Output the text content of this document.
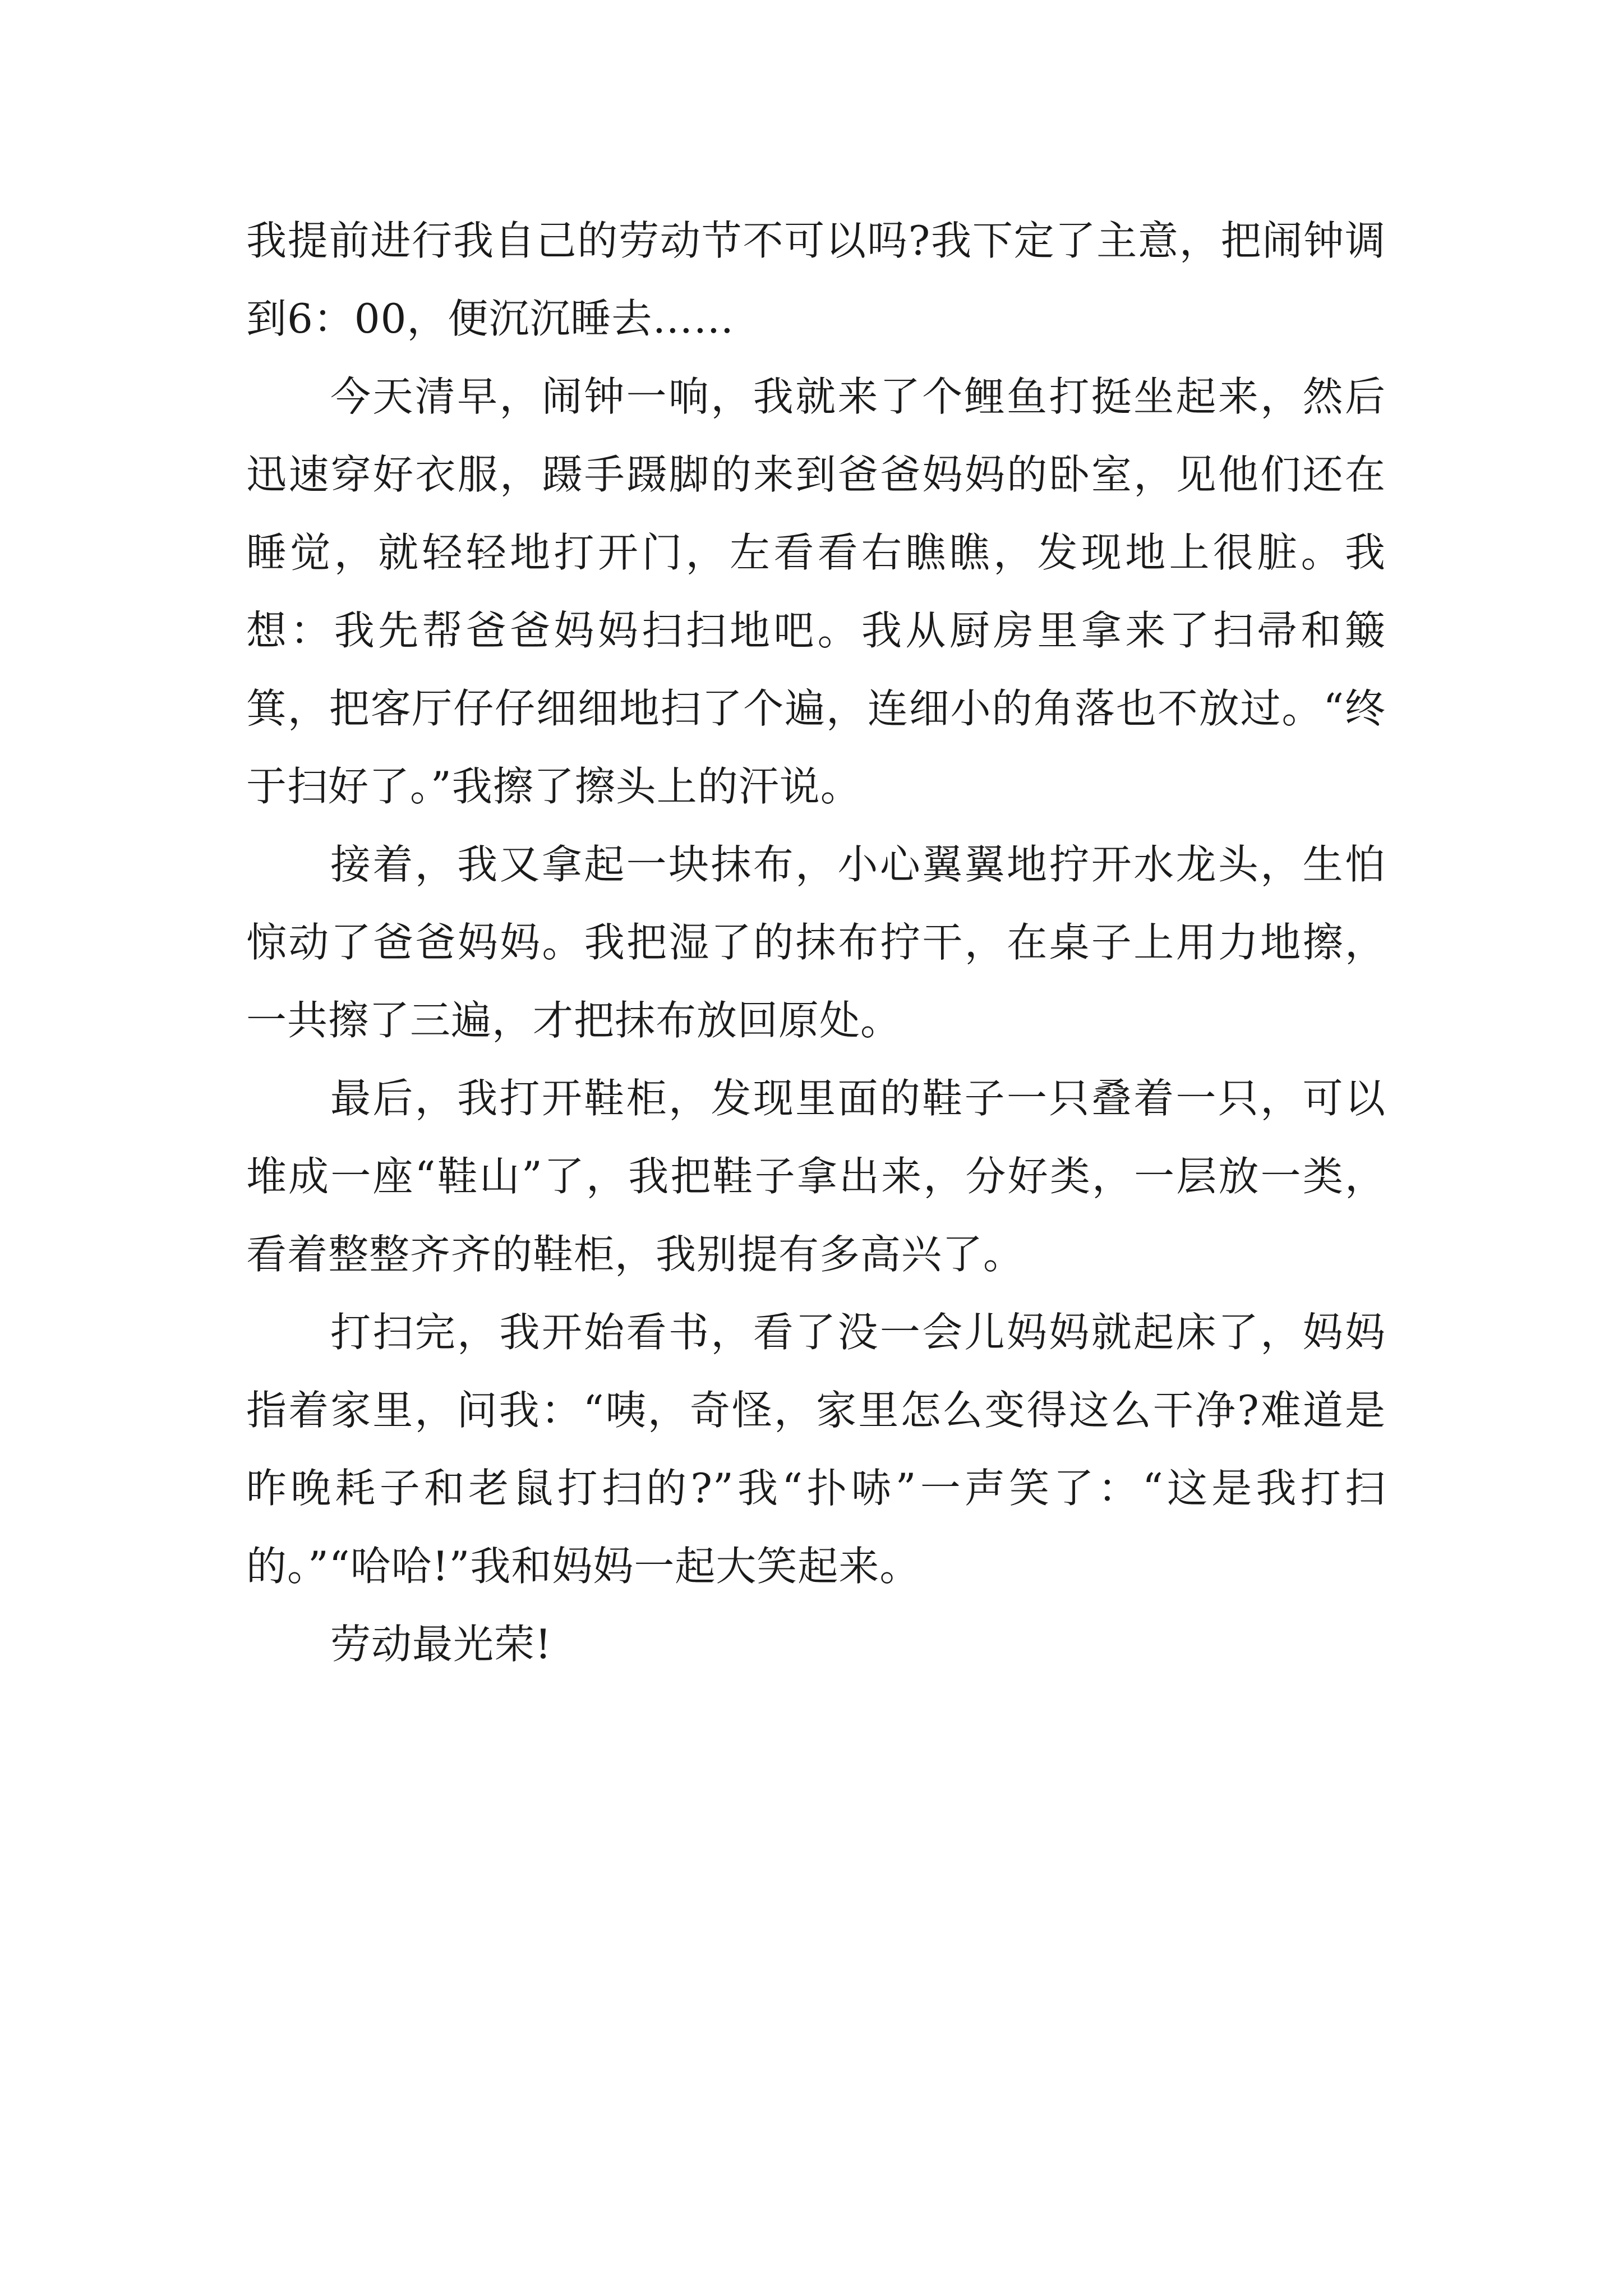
我提前进行我自己的劳动节不可以吗?我下定了主意，把闹钟调到6：00，便沉沉睡去……

今天清早，闹钟一响，我就来了个鲤鱼打挺坐起来，然后迅速穿好衣服，蹑手蹑脚的来到爸爸妈妈的卧室，见他们还在睡觉，就轻轻地打开门，左看看右瞧瞧，发现地上很脏。我想：我先帮爸爸妈妈扫扫地吧。我从厨房里拿来了扫帚和簸箕，把客厅仔仔细细地扫了个遍，连细小的角落也不放过。“终于扫好了。”我擦了擦头上的汗说。

接着，我又拿起一块抹布，小心翼翼地拧开水龙头，生怕惊动了爸爸妈妈。我把湿了的抹布拧干，在桌子上用力地擦，一共擦了三遍，才把抹布放回原处。

最后，我打开鞋柜，发现里面的鞋子一只叠着一只，可以堆成一座“鞋山”了，我把鞋子拿出来，分好类，一层放一类，看着整整齐齐的鞋柜，我别提有多高兴了。

打扫完，我开始看书，看了没一会儿妈妈就起床了，妈妈指着家里，问我：“咦，奇怪，家里怎么变得这么干净?难道是昨晚耗子和老鼠打扫的?”我“扑哧”一声笑了：“这是我打扫的。”“哈哈!”我和妈妈一起大笑起来。

劳动最光荣!
